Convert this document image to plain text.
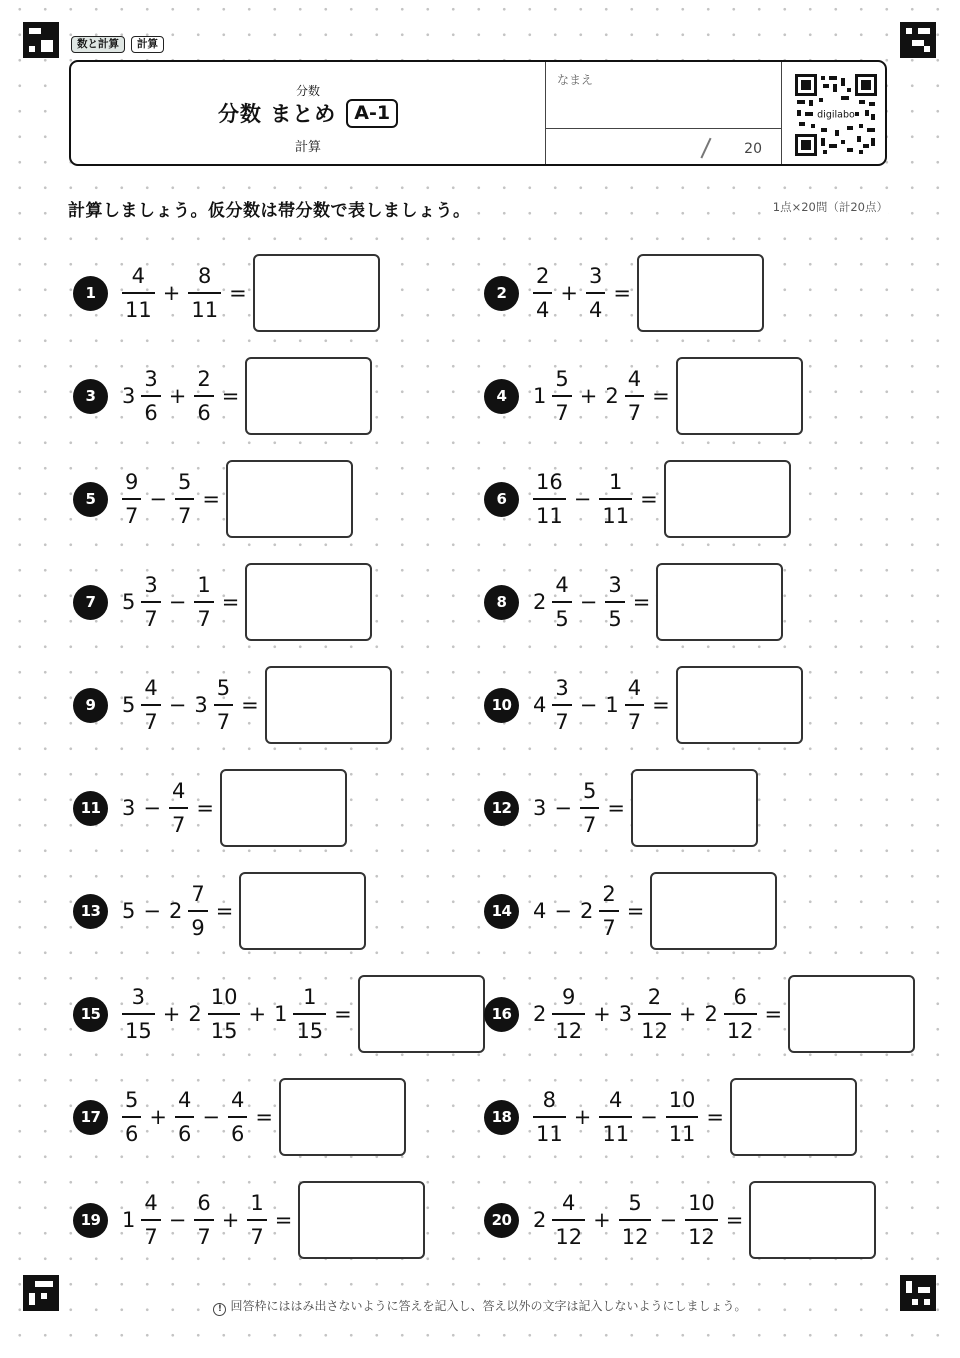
数と計算	計算
分数
分数 まとめ A-1
計算
なまえ
20
digilabo
計算しましょう。仮分数は帯分数で表しましょう。	1点×20問（計20点）
1	$\frac{4}{11} + \frac{8}{11}$ =	2	$\frac{2}{4} + \frac{3}{4}$ =
3	$3 \frac{3}{6} + \frac{2}{6}$ =	4	$1 \frac{5}{7} + 2 \frac{4}{7}$ =
5	$\frac{9}{7} - \frac{5}{7}$ =	6	$\frac{16}{11} - \frac{1}{11}$ =
7	$5 \frac{3}{7} - \frac{1}{7}$ =	8	$2 \frac{4}{5} - \frac{3}{5}$ =
9	$5 \frac{4}{7} - 3 \frac{5}{7}$ =	10	$4 \frac{3}{7} - 1 \frac{4}{7}$ =
11	$3 - \frac{4}{7}$ =	12	$3 - \frac{5}{7}$ =
13	$5 - 2 \frac{7}{9}$ =	14	$4 - 2 \frac{2}{7}$ =
15	$\frac{3}{15} + 2 \frac{10}{15} + 1 \frac{1}{15}$ =	16	$2 \frac{9}{12} + 3 \frac{2}{12} + 2 \frac{6}{12}$ =
17	$\frac{5}{6} + \frac{4}{6} - \frac{4}{6}$ =	18	$\frac{8}{11} + \frac{4}{11} - \frac{10}{11}$ =
19	$1 \frac{4}{7} - \frac{6}{7} + \frac{1}{7}$ =	20	$2 \frac{4}{12} + \frac{5}{12} - \frac{10}{12}$ =
! 回答枠にははみ出さないように答えを記入し、答え以外の文字は記入しないようにしましょう。
